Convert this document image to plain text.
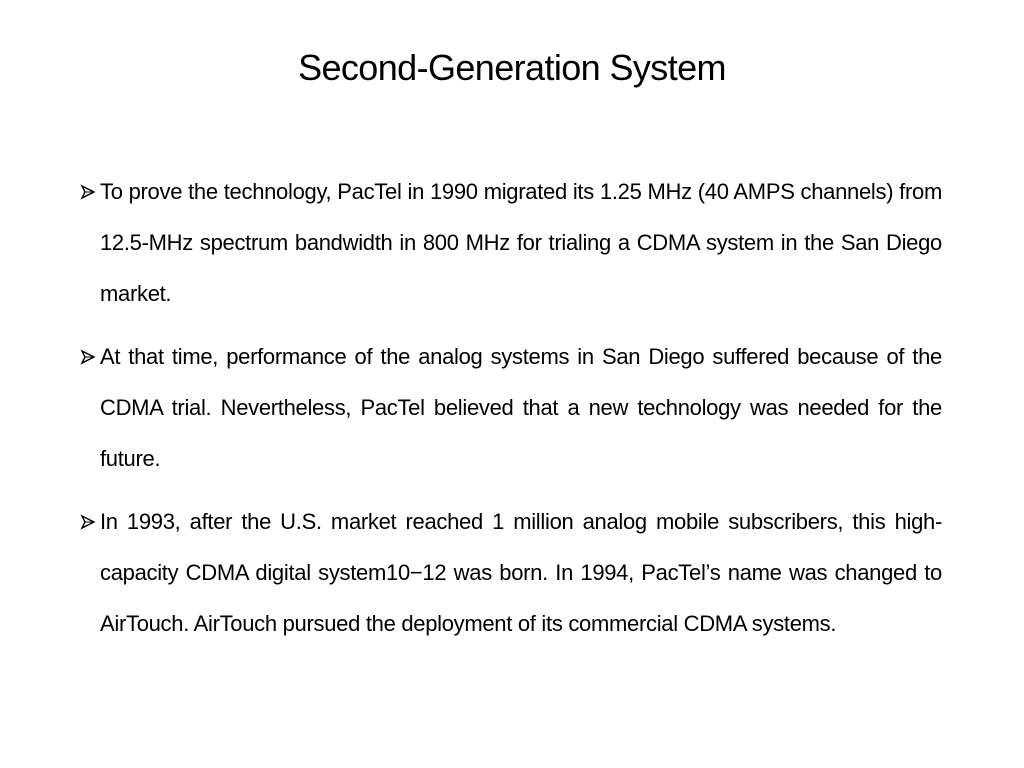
Second-Generation System
To prove the technology, PacTel in 1990 migrated its 1.25 MHz (40 AMPS channels) from 12.5-MHz spectrum bandwidth in 800 MHz for trialing a CDMA system in the San Diego market.
At that time, performance of the analog systems in San Diego suffered because of the CDMA trial. Nevertheless, PacTel believed that a new technology was needed for the future.
In 1993, after the U.S. market reached 1 million analog mobile subscribers, this high-capacity CDMA digital system10−12 was born. In 1994, PacTel’s name was changed to AirTouch. AirTouch pursued the deployment of its commercial CDMA systems.
